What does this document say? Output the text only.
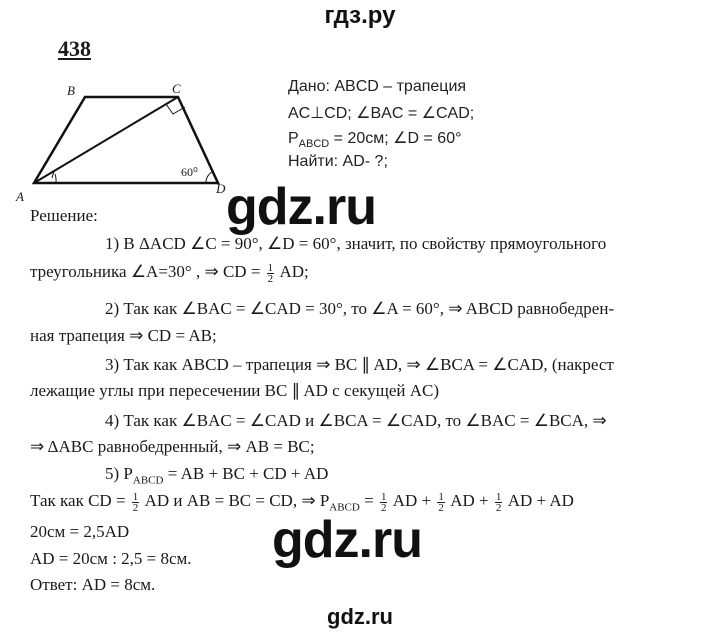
гдз.ру
438
B	C
A
D
60⁰
Дано: ABCD – трапеция
AC⊥CD; ∠BAC = ∠CAD;
$P_{ABCD} = 20см$; ∠D = 60°
Найти: AD- ?;
gdz.ru
gdz.ru
Решение:
1) В ΔACD ∠C = 90°, ∠D = 60°, значит, по свойству прямоугольного
треугольника ∠A=30° , ⇒ CD = $\frac{1}{2}$ AD;
2) Так как ∠BAC = ∠CAD = 30°, то ∠A = 60°, ⇒ ABCD равнобедрен-
ная трапеция ⇒ CD = AB;
3) Так как ABCD – трапеция ⇒ BC ∥ AD, ⇒ ∠BCA = ∠CAD, (накрест
лежащие углы при пересечении BC ∥ AD с секущей AC)
4) Так как ∠BAC = ∠CAD и ∠BCA = ∠CAD, то ∠BAC = ∠BCA, ⇒
⇒ ΔABC равнобедренный, ⇒ AB = BC;
5) $P_{ABCD}$ = AB + BC + CD + AD
Так как CD = $\frac{1}{2}$ AD и AB = BC = CD, ⇒ $P_{ABCD} = \frac{1}{2}$ AD + $\frac{1}{2}$ AD + $\frac{1}{2}$ AD + AD
20см = 2,5AD
AD = 20см : 2,5 = 8см.
Ответ: AD = 8см.
gdz.ru
